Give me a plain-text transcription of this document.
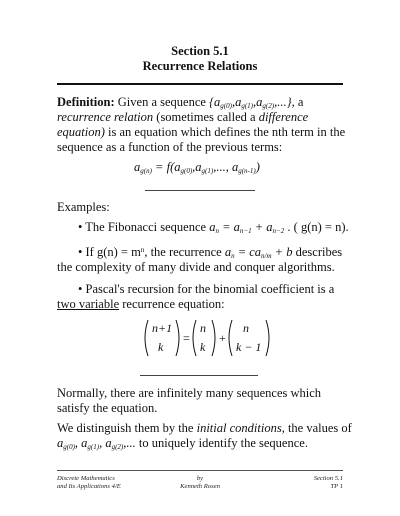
Section 5.1
Recurrence Relations
Definition: Given a sequence $\{a_{g(0)},a_{g(1)},a_{g(2)},...\}$, a
recurrence relation (sometimes called a difference
equation) is an equation which defines the nth term in the
sequence as a function of the previous terms:
$a_{g(n)} = f(a_{g(0)},a_{g(1)}$,..., $a_{g(n-1)}$)
Examples:
• The Fibonacci sequence $a_n = a_{n-1} + a_{n-2}$ . ( g(n) = n).
• If $g(n) = m^n$, the recurrence $a_n = ca_{n/m} + b$ describes
the complexity of many divide and conquer algorithms.
• Pascal's recursion for the binomial coefficient is a
two variable recurrence equation:
n+1
k
=
n
k
+
n
k − 1
Normally, there are infinitely many sequences which
satisfy the equation.
We distinguish them by the initial conditions, the values of
$a_{g(0)}$, $a_{g(1)}$, $a_{g(2)}$,... to uniquely identify the sequence.
Discrete Mathematics
and Its Applications 4/E
by
Kenneth Rosen
Section 5.1
TP 1
